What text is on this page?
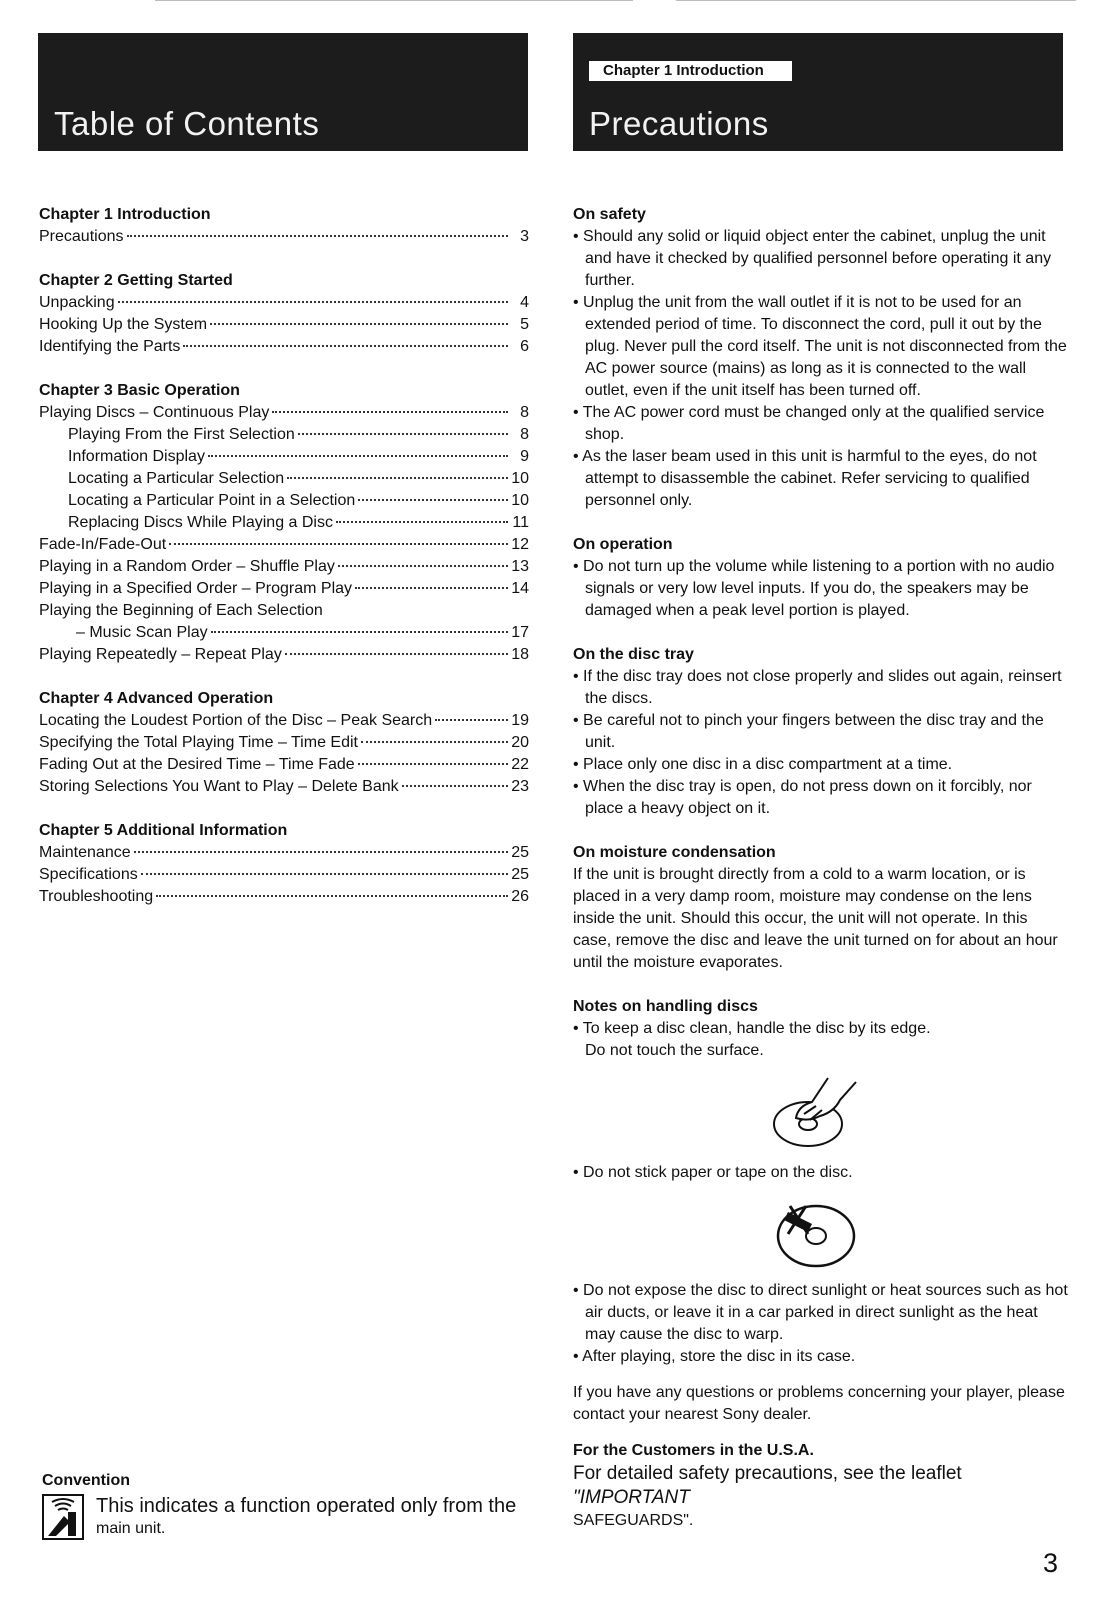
Table of Contents
Chapter 1 Introduction
Precautions
Chapter 1 Introduction
Precautions	3
Chapter 2 Getting Started
Unpacking	4
Hooking Up the System	5
Identifying the Parts	6
Chapter 3 Basic Operation
Playing Discs – Continuous Play	8
Playing From the First Selection	8
Information Display	9
Locating a Particular Selection	10
Locating a Particular Point in a Selection	10
Replacing Discs While Playing a Disc	11
Fade-In/Fade-Out	12
Playing in a Random Order – Shuffle Play	13
Playing in a Specified Order – Program Play	14
Playing the Beginning of Each Selection
– Music Scan Play	17
Playing Repeatedly – Repeat Play	18
Chapter 4 Advanced Operation
Locating the Loudest Portion of the Disc – Peak Search	19
Specifying the Total Playing Time – Time Edit	20
Fading Out at the Desired Time – Time Fade	22
Storing Selections You Want to Play – Delete Bank	23
Chapter 5 Additional Information
Maintenance	25
Specifications	25
Troubleshooting	26
Convention
This indicates a function operated only from the
main unit.
On safety
• Should any solid or liquid object enter the cabinet, unplug the unit and have it checked by qualified personnel before operating it any further.
• Unplug the unit from the wall outlet if it is not to be used for an extended period of time. To disconnect the cord, pull it out by the plug. Never pull the cord itself. The unit is not disconnected from the AC power source (mains) as long as it is connected to the wall outlet, even if the unit itself has been turned off.
• The AC power cord must be changed only at the qualified service shop.
• As the laser beam used in this unit is harmful to the eyes, do not attempt to disassemble the cabinet. Refer servicing to qualified personnel only.
On operation
• Do not turn up the volume while listening to a portion with no audio signals or very low level inputs. If you do, the speakers may be damaged when a peak level portion is played.
On the disc tray
• If the disc tray does not close properly and slides out again, reinsert the discs.
• Be careful not to pinch your fingers between the disc tray and the unit.
• Place only one disc in a disc compartment at a time.
• When the disc tray is open, do not press down on it forcibly, nor place a heavy object on it.
On moisture condensation
If the unit is brought directly from a cold to a warm location, or is placed in a very damp room, moisture may condense on the lens inside the unit. Should this occur, the unit will not operate. In this case, remove the disc and leave the unit turned on for about an hour until the moisture evaporates.
Notes on handling discs
• To keep a disc clean, handle the disc by its edge.
Do not touch the surface.
• Do not stick paper or tape on the disc.
• Do not expose the disc to direct sunlight or heat sources such as hot air ducts, or leave it in a car parked in direct sunlight as the heat may cause the disc to warp.
• After playing, store the disc in its case.
If you have any questions or problems concerning your player, please contact your nearest Sony dealer.
For the Customers in the U.S.A.
For detailed safety precautions, see the leaflet "IMPORTANT
SAFEGUARDS".
3
